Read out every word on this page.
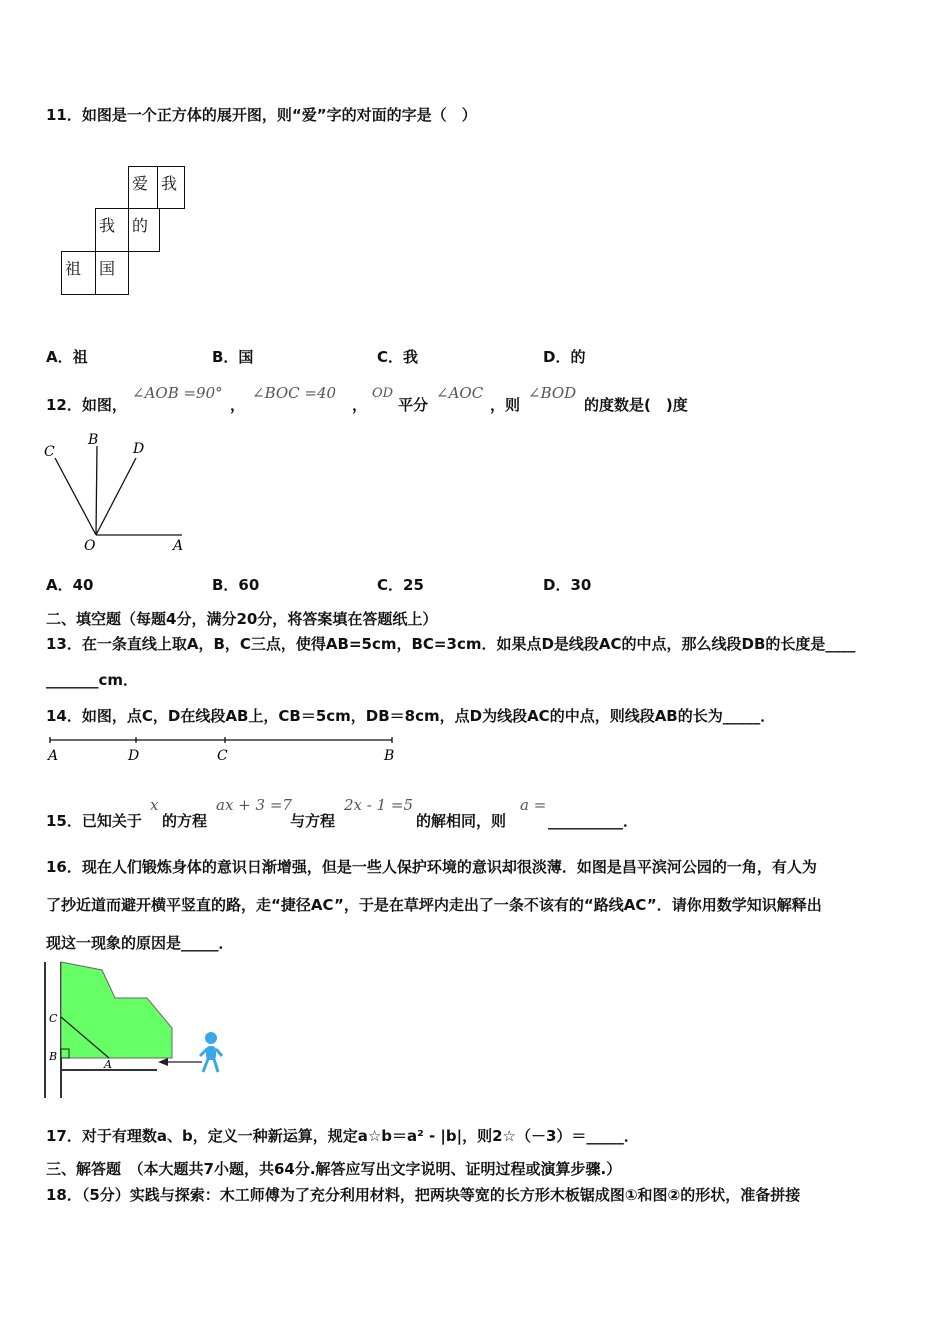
11．如图是一个正方体的展开图，则“爱”字的对面的字是（　）
爱 我
我 的
祖 国
A．祖	B．国	C．我	D．的
12．如图，
∠AOB =90°
，
∠BOC =40
，
OD
平分
∠AOC
，则
∠BOD
的度数是(　)度
C
B
D
O	A
A．40	B．60	C．25	D．30
二、填空题（每题4分，满分20分，将答案填在答题纸上）
13．在一条直线上取A，B，C三点，使得AB=5cm，BC=3cm．如果点D是线段AC的中点，那么线段DB的长度是____
_______cm．
14．如图，点C，D在线段AB上，CB＝5cm，DB＝8cm，点D为线段AC的中点，则线段AB的长为_____．
A	D	C	B
15．已知关于
x
的方程
ax + 3 =7
与方程
2x - 1 =5
的解相同，则
a =
__________．
16．现在人们锻炼身体的意识日渐增强，但是一些人保护环境的意识却很淡薄．如图是昌平滨河公园的一角，有人为
了抄近道而避开横平竖直的路，走“捷径AC”，于是在草坪内走出了一条不该有的“路线AC”．请你用数学知识解释出
现这一现象的原因是_____．
C
B
A
17．对于有理数a、b，定义一种新运算，规定a☆b＝a² - |b|，则2☆（－3）＝_____．
三、解答题　（本大题共7小题，共64分.解答应写出文字说明、证明过程或演算步骤.）
18．（5分）实践与探索：木工师傅为了充分利用材料，把两块等宽的长方形木板锯成图①和图②的形状，准备拼接
